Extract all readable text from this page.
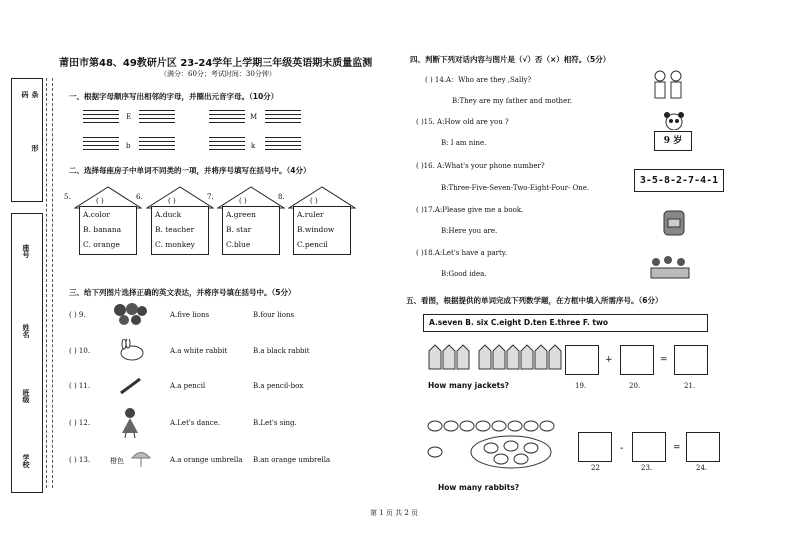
条 形 码
座号
姓名
班级
学校
莆田市第48、49教研片区 23-24学年上学期三年级英语期末质量监测
（满分：60分；考试时间：30分钟）
一、根据字母顺序写出相邻的字母，并圈出元音字母。（10分）
E
b
M
k
二、选择每座房子中单词不同类的一项，并将序号填写在括号中。（4分）
5.	( )
A.color
B. banana
C. orange
6.	( )
A.duck
B. teacher
C. monkey
7.	( )
A.green
B. star
C.blue
8.	( )
A.ruler
B.window
C.pencil
三、给下列图片选择正确的英文表达，并将序号填在括号中。（5分）
( ) 9.	A.five lions	B.four lions
( ) 10.	A.a white rabbit	B.a black rabbit
( ) 11.	A.a pencil	B.a pencil-box
( ) 12.	A.Let's dance.	B.Let's sing.
( ) 13.	橙色	A.a orange umbrella B.an orange umbrella
四、判断下列对话内容与图片是（√）否（×）相符。（5分）
( ) 14.A：Who are they ,Sally?
B:They are my father and mother.
( )15. A:How old are you ?
B: I am nine.	9 岁
( )16. A:What's your phone number?
B:Three-Five-Seven-Two-Eight-Four- One.
3-5-8-2-7-4-1
( )17.A:Please give me a book.
B:Here you are.
( )18.A:Let's have a party.
B:Good idea.
五、看图，根据提供的单词完成下列数学题，在方框中填入所需序号。（6分）
A.seven B. six C.eight D.ten E.three F. two
How many jackets?
+	=
19.	20.	21.
How many rabbits?
-	=
22	23.	24.
第 1 页 共 2 页
